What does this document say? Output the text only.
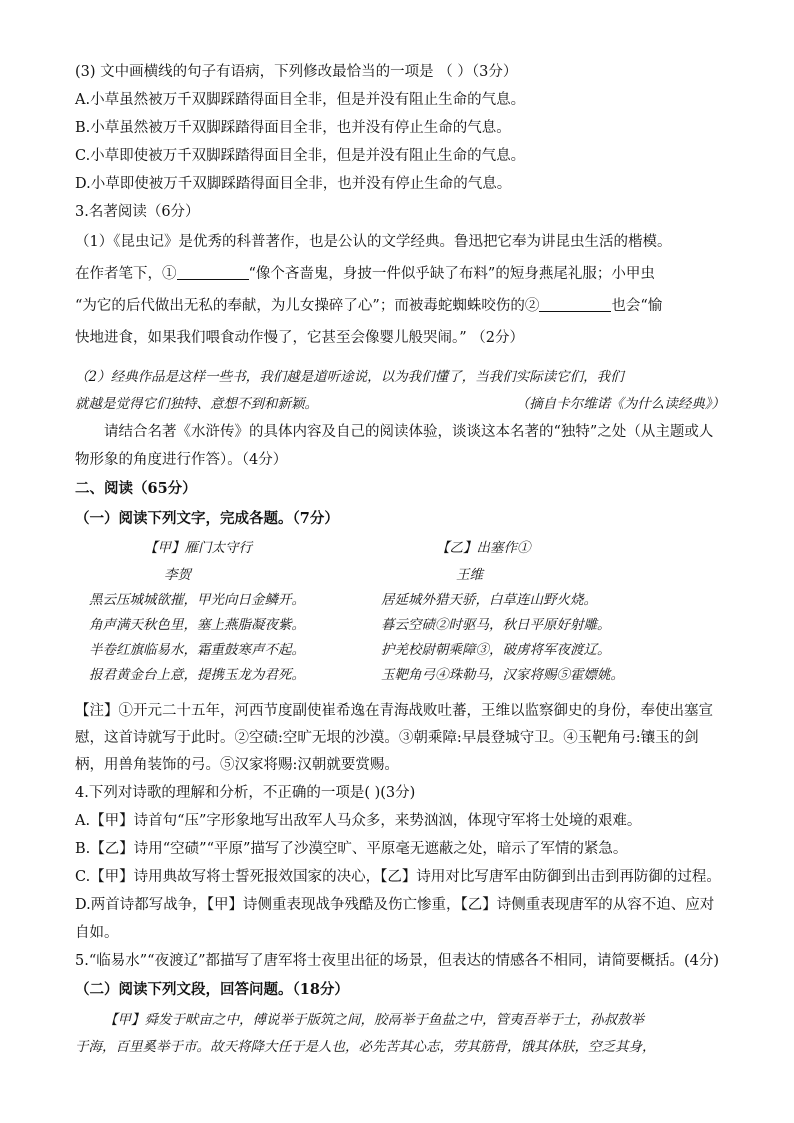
(3) 文中画横线的句子有语病，下列修改最恰当的一项是 （ ）（3分）

A.小草虽然被万千双脚踩踏得面目全非，但是并没有阻止生命的气息。

B.小草虽然被万千双脚踩踏得面目全非，也并没有停止生命的气息。

C.小草即使被万千双脚踩踏得面目全非，但是并没有阻止生命的气息。

D.小草即使被万千双脚踩踏得面目全非，也并没有停止生命的气息。

3.名著阅读（6分）

（1）《昆虫记》是优秀的科普著作，也是公认的文学经典。鲁迅把它奉为讲昆虫生活的楷模。

在作者笔下，①	“像个吝啬鬼，身披一件似乎缺了布料”的短身燕尾礼服；小甲虫

“为它的后代做出无私的奉献，为儿女操碎了心”；而被毒蛇蜘蛛咬伤的②	也会“愉

快地进食，如果我们喂食动作慢了，它甚至会像婴儿般哭闹。” （2分）

（2）经典作品是这样一些书，我们越是道听途说，以为我们懂了，当我们实际读它们，我们

就越是觉得它们独特、意想不到和新颖。	（摘自卡尔维诺《为什么读经典》）

请结合名著《水浒传》的具体内容及自己的阅读体验，谈谈这本名著的“独特”之处（从主题或人物形象的角度进行作答）。（4分）

二、阅读（65分）

（一）阅读下列文字，完成各题。（7分）

【甲】雁门太守行

李贺

黑云压城城欲摧，甲光向日金鳞开。

角声满天秋色里，塞上燕脂凝夜紫。

半卷红旗临易水，霜重鼓寒声不起。

报君黄金台上意，提携玉龙为君死。

【乙】出塞作①

王维

居延城外猎天骄，白草连山野火烧。

暮云空碛②时驱马，秋日平原好射雕。

护羌校尉朝乘障③，破虏将军夜渡辽。

玉靶角弓④珠勒马，汉家将赐⑤霍嫖姚。

【注】①开元二十五年，河西节度副使崔希逸在青海战败吐蕃，王维以监察御史的身份，奉使出塞宣慰，这首诗就写于此时。②空碛:空旷无垠的沙漠。③朝乘障:早晨登城守卫。④玉靶角弓:镶玉的剑柄，用兽角装饰的弓。⑤汉家将赐:汉朝就要赏赐。

4.下列对诗歌的理解和分析，不正确的一项是( )(3分)

A.【甲】诗首句“压”字形象地写出敌军人马众多，来势汹汹，体现守军将士处境的艰难。

B.【乙】诗用“空碛”“平原”描写了沙漠空旷、平原毫无遮蔽之处，暗示了军情的紧急。

C.【甲】诗用典故写将士誓死报效国家的决心，【乙】诗用对比写唐军由防御到出击到再防御的过程。

D.两首诗都写战争，【甲】诗侧重表现战争残酷及伤亡惨重，【乙】诗侧重表现唐军的从容不迫、应对自如。

5.“临易水”“夜渡辽”都描写了唐军将士夜里出征的场景，但表达的情感各不相同，请简要概括。(4分)

（二）阅读下列文段，回答问题。（18分）

【甲】舜发于畎亩之中，傅说举于版筑之间，胶鬲举于鱼盐之中，管夷吾举于士，孙叔敖举

于海，百里奚举于市。故天将降大任于是人也，必先苦其心志，劳其筋骨，饿其体肤，空乏其身，
